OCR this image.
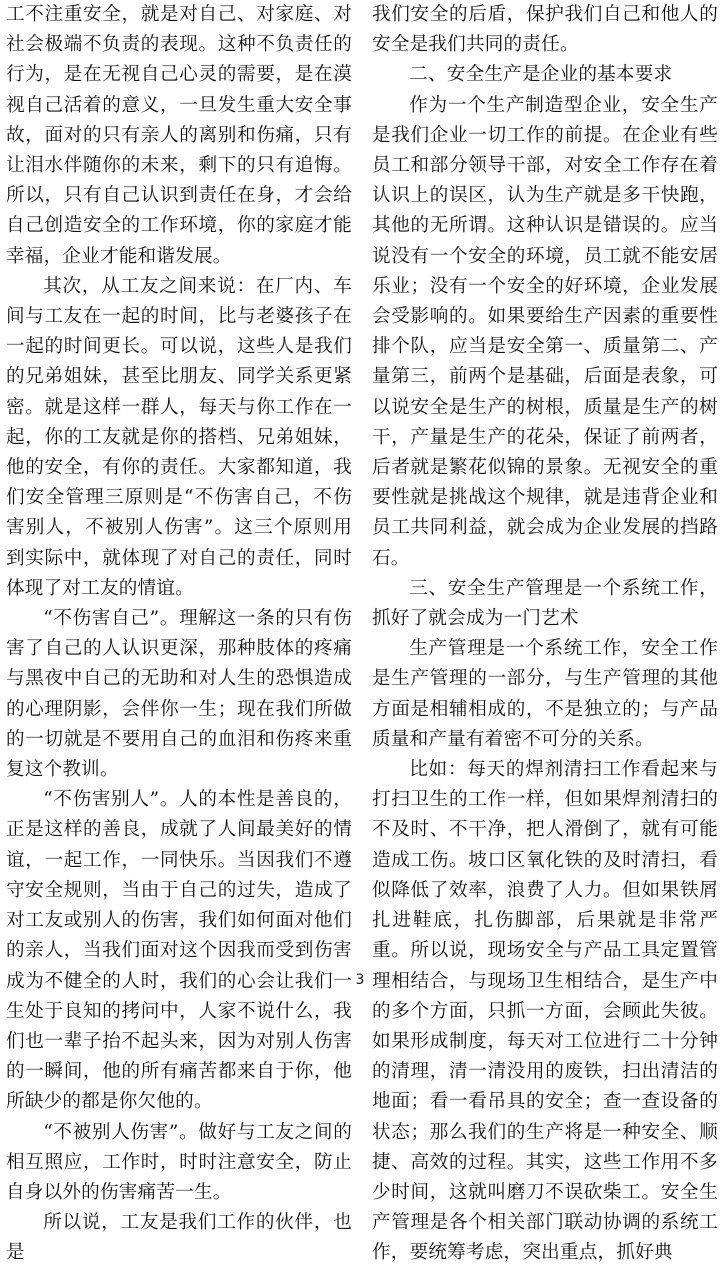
工不注重安全，就是对自己、对家庭、对社会极端不负责的表现。这种不负责任的行为，是在无视自己心灵的需要，是在漠视自己活着的意义，一旦发生重大安全事故，面对的只有亲人的离别和伤痛，只有让泪水伴随你的未来，剩下的只有追悔。所以，只有自己认识到责任在身，才会给自己创造安全的工作环境，你的家庭才能幸福，企业才能和谐发展。

其次，从工友之间来说：在厂内、车间与工友在一起的时间，比与老婆孩子在一起的时间更长。可以说，这些人是我们的兄弟姐妹，甚至比朋友、同学关系更紧密。就是这样一群人，每天与你工作在一起，你的工友就是你的搭档、兄弟姐妹，他的安全，有你的责任。大家都知道，我们安全管理三原则是“不伤害自己，不伤害别人，不被别人伤害”。这三个原则用到实际中，就体现了对自己的责任，同时体现了对工友的情谊。

“不伤害自己”。理解这一条的只有伤害了自己的人认识更深，那种肢体的疼痛与黑夜中自己的无助和对人生的恐惧造成的心理阴影，会伴你一生；现在我们所做的一切就是不要用自己的血泪和伤疼来重复这个教训。

“不伤害别人”。人的本性是善良的，正是这样的善良，成就了人间最美好的情谊，一起工作，一同快乐。当因我们不遵守安全规则，当由于自己的过失，造成了对工友或别人的伤害，我们如何面对他们的亲人，当我们面对这个因我而受到伤害成为不健全的人时，我们的心会让我们一生处于良知的拷问中，人家不说什么，我们也一辈子抬不起头来，因为对别人伤害的一瞬间，他的所有痛苦都来自于你，他所缺少的都是你欠他的。

“不被别人伤害”。做好与工友之间的相互照应，工作时，时时注意安全，防止自身以外的伤害痛苦一生。

所以说，工友是我们工作的伙伴，也是

我们安全的后盾，保护我们自己和他人的安全是我们共同的责任。

二、安全生产是企业的基本要求

作为一个生产制造型企业，安全生产是我们企业一切工作的前提。在企业有些员工和部分领导干部，对安全工作存在着认识上的误区，认为生产就是多干快跑，其他的无所谓。这种认识是错误的。应当说没有一个安全的环境，员工就不能安居乐业；没有一个安全的好环境，企业发展会受影响的。如果要给生产因素的重要性排个队，应当是安全第一、质量第二、产量第三，前两个是基础，后面是表象，可以说安全是生产的树根，质量是生产的树干，产量是生产的花朵，保证了前两者，后者就是繁花似锦的景象。无视安全的重要性就是挑战这个规律，就是违背企业和员工共同利益，就会成为企业发展的挡路石。

三、安全生产管理是一个系统工作，抓好了就会成为一门艺术

生产管理是一个系统工作，安全工作是生产管理的一部分，与生产管理的其他方面是相辅相成的，不是独立的；与产品质量和产量有着密不可分的关系。

比如：每天的焊剂清扫工作看起来与打扫卫生的工作一样，但如果焊剂清扫的不及时、不干净，把人滑倒了，就有可能造成工伤。坡口区氧化铁的及时清扫，看似降低了效率，浪费了人力。但如果铁屑扎进鞋底，扎伤脚部，后果就是非常严重。所以说，现场安全与产品工具定置管理相结合，与现场卫生相结合，是生产中的多个方面，只抓一方面，会顾此失彼。如果形成制度，每天对工位进行二十分钟的清理，清一清没用的废铁，扫出清洁的地面；看一看吊具的安全；查一查设备的状态；那么我们的生产将是一种安全、顺捷、高效的过程。其实，这些工作用不多少时间，这就叫磨刀不误砍柴工。安全生产管理是各个相关部门联动协调的系统工作，要统筹考虑，突出重点，抓好典

3
